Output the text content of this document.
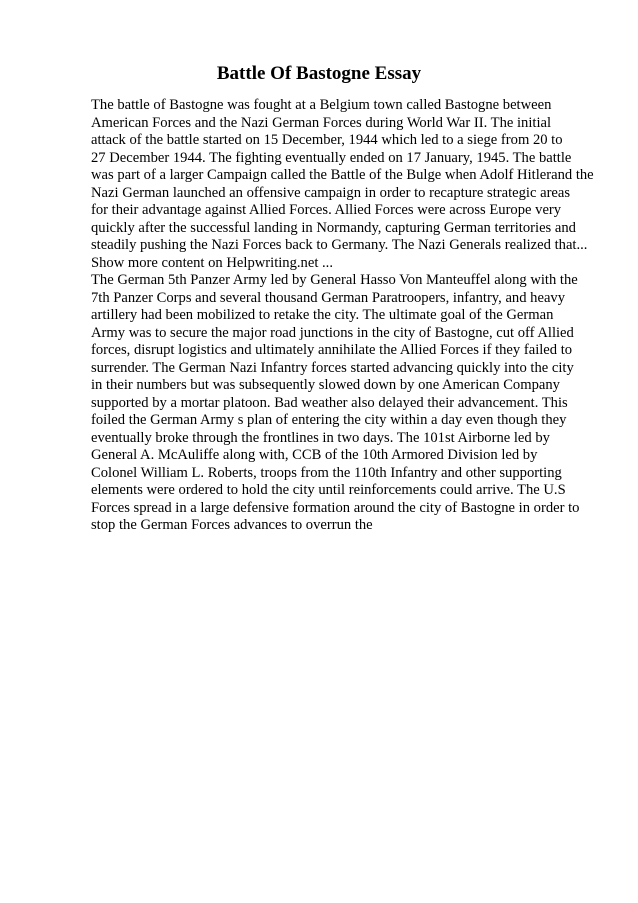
Battle Of Bastogne Essay
The battle of Bastogne was fought at a Belgium town called Bastogne between
American Forces and the Nazi German Forces during World War II. The initial
attack of the battle started on 15 December, 1944 which led to a siege from 20 to
27 December 1944. The fighting eventually ended on 17 January, 1945. The battle
was part of a larger Campaign called the Battle of the Bulge when Adolf Hitlerand the
Nazi German launched an offensive campaign in order to recapture strategic areas
for their advantage against Allied Forces. Allied Forces were across Europe very
quickly after the successful landing in Normandy, capturing German territories and
steadily pushing the Nazi Forces back to Germany. The Nazi Generals realized that...
Show more content on Helpwriting.net ...
The German 5th Panzer Army led by General Hasso Von Manteuffel along with the
7th Panzer Corps and several thousand German Paratroopers, infantry, and heavy
artillery had been mobilized to retake the city. The ultimate goal of the German
Army was to secure the major road junctions in the city of Bastogne, cut off Allied
forces, disrupt logistics and ultimately annihilate the Allied Forces if they failed to
surrender. The German Nazi Infantry forces started advancing quickly into the city
in their numbers but was subsequently slowed down by one American Company
supported by a mortar platoon. Bad weather also delayed their advancement. This
foiled the German Army s plan of entering the city within a day even though they
eventually broke through the frontlines in two days. The 101st Airborne led by
General A. McAuliffe along with, CCB of the 10th Armored Division led by
Colonel William L. Roberts, troops from the 110th Infantry and other supporting
elements were ordered to hold the city until reinforcements could arrive. The U.S
Forces spread in a large defensive formation around the city of Bastogne in order to
stop the German Forces advances to overrun the
